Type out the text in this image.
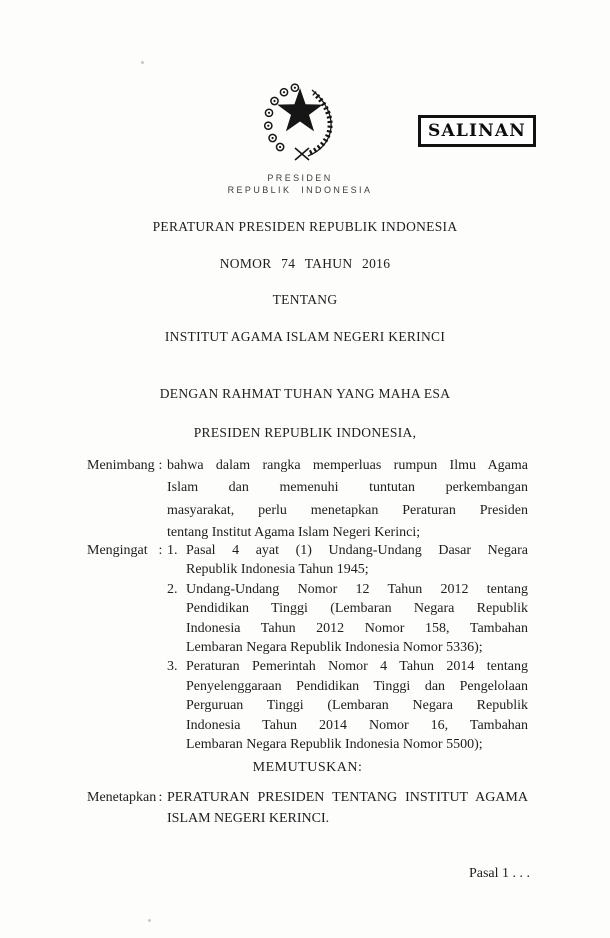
SALINAN
PRESIDEN
REPUBLIK INDONESIA
PERATURAN PRESIDEN REPUBLIK INDONESIA
NOMOR 74 TAHUN 2016
TENTANG
INSTITUT AGAMA ISLAM NEGERI KERINCI
DENGAN RAHMAT TUHAN YANG MAHA ESA
PRESIDEN REPUBLIK INDONESIA,
Menimbang : bahwa dalam rangka memperluas rumpun Ilmu Agama
Islam dan memenuhi tuntutan perkembangan
masyarakat, perlu menetapkan Peraturan Presiden
tentang Institut Agama Islam Negeri Kerinci;
Mengingat : 1. Pasal 4 ayat (1) Undang-Undang Dasar Negara
Republik Indonesia Tahun 1945;
2. Undang-Undang Nomor 12 Tahun 2012 tentang
Pendidikan Tinggi (Lembaran Negara Republik
Indonesia Tahun 2012 Nomor 158, Tambahan
Lembaran Negara Republik Indonesia Nomor 5336);
3. Peraturan Pemerintah Nomor 4 Tahun 2014 tentang
Penyelenggaraan Pendidikan Tinggi dan Pengelolaan
Perguruan Tinggi (Lembaran Negara Republik
Indonesia Tahun 2014 Nomor 16, Tambahan
Lembaran Negara Republik Indonesia Nomor 5500);
MEMUTUSKAN:
Menetapkan : PERATURAN PRESIDEN TENTANG INSTITUT AGAMA
ISLAM NEGERI KERINCI.
Pasal 1 . . .
